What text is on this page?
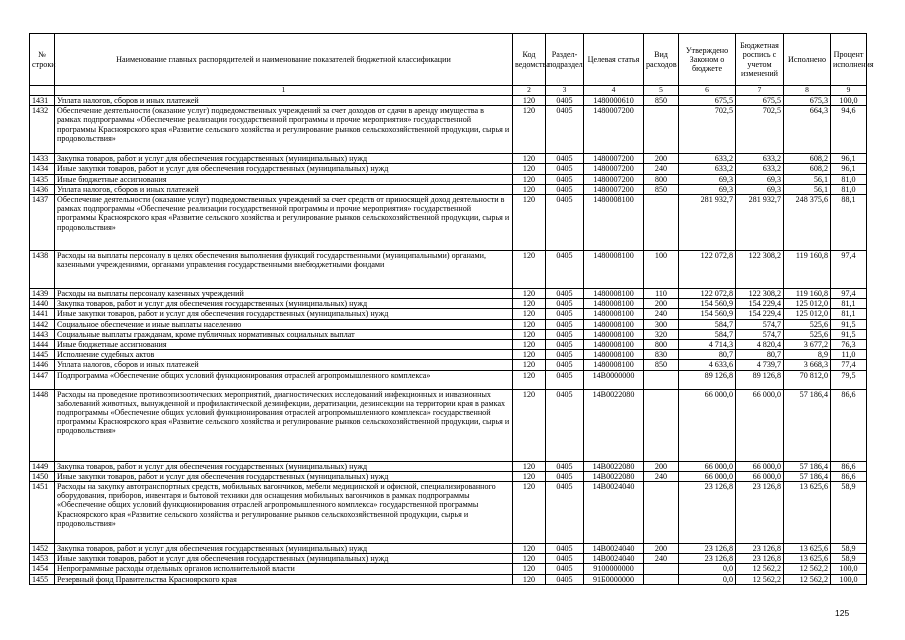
№ строки	Наименование главных распорядителей и наименование показателей бюджетной классификации	Код ведомства	Раздел-подраздел	Целевая статья	Вид расходов	Утверждено Законом о бюджете	Бюджетная роспись с учетом изменений	Исполнено	Процент исполнения
	1	2	3	4	5	6	7	8	9
1431	Уплата налогов, сборов и иных платежей	120	0405	1480000610	850	675,5	675,5	675,3	100,0
1432	Обеспечение деятельности (оказание услуг) подведомственных учреждений за счет доходов от сдачи в аренду имущества в рамках подпрограммы «Обеспечение реализации государственной программы и прочие мероприятия» государственной программы Красноярского края «Развитие сельского хозяйства и регулирование рынков сельскохозяйственной продукции, сырья и продовольствия»	120	0405	1480007200		702,5	702,5	664,3	94,6
1433	Закупка товаров, работ и услуг для обеспечения государственных (муниципальных) нужд	120	0405	1480007200	200	633,2	633,2	608,2	96,1
1434	Иные закупки товаров, работ и услуг для обеспечения государственных (муниципальных) нужд	120	0405	1480007200	240	633,2	633,2	608,2	96,1
1435	Иные бюджетные ассигнования	120	0405	1480007200	800	69,3	69,3	56,1	81,0
1436	Уплата налогов, сборов и иных платежей	120	0405	1480007200	850	69,3	69,3	56,1	81,0
1437	Обеспечение деятельности (оказание услуг) подведомственных учреждений за счет средств от приносящей доход деятельности в рамках подпрограммы «Обеспечение реализации государственной программы и прочие мероприятия» государственной программы Красноярского края «Развитие сельского хозяйства и регулирование рынков сельскохозяйственной продукции, сырья и продовольствия»	120	0405	1480008100		281 932,7	281 932,7	248 375,6	88,1
1438	Расходы на выплаты персоналу в целях обеспечения выполнения функций государственными (муниципальными) органами, казенными учреждениями, органами управления государственными внебюджетными фондами	120	0405	1480008100	100	122 072,8	122 308,2	119 160,8	97,4
1439	Расходы на выплаты персоналу казенных учреждений	120	0405	1480008100	110	122 072,8	122 308,2	119 160,8	97,4
1440	Закупка товаров, работ и услуг для обеспечения государственных (муниципальных) нужд	120	0405	1480008100	200	154 560,9	154 229,4	125 012,0	81,1
1441	Иные закупки товаров, работ и услуг для обеспечения государственных (муниципальных) нужд	120	0405	1480008100	240	154 560,9	154 229,4	125 012,0	81,1
1442	Социальное обеспечение и иные выплаты населению	120	0405	1480008100	300	584,7	574,7	525,6	91,5
1443	Социальные выплаты гражданам, кроме публичных нормативных социальных выплат	120	0405	1480008100	320	584,7	574,7	525,6	91,5
1444	Иные бюджетные ассигнования	120	0405	1480008100	800	4 714,3	4 820,4	3 677,2	76,3
1445	Исполнение судебных актов	120	0405	1480008100	830	80,7	80,7	8,9	11,0
1446	Уплата налогов, сборов и иных платежей	120	0405	1480008100	850	4 633,6	4 739,7	3 668,3	77,4
1447	Подпрограмма «Обеспечение общих условий функционирования отраслей агропромышленного комплекса»	120	0405	14В0000000		89 126,8	89 126,8	70 812,0	79,5
1448	Расходы на проведение противоэпизоотических мероприятий, диагностических исследований инфекционных и инвазионных заболеваний животных, вынужденной и профилактической дезинфекции, дератизации, дезинсекции на территории края в рамках подпрограммы «Обеспечение общих условий функционирования отраслей агропромышленного комплекса» государственной программы Красноярского края «Развитие сельского хозяйства и регулирование рынков сельскохозяйственной продукции, сырья и продовольствия»	120	0405	14В0022080		66 000,0	66 000,0	57 186,4	86,6
1449	Закупка товаров, работ и услуг для обеспечения государственных (муниципальных) нужд	120	0405	14В0022080	200	66 000,0	66 000,0	57 186,4	86,6
1450	Иные закупки товаров, работ и услуг для обеспечения государственных (муниципальных) нужд	120	0405	14В0022080	240	66 000,0	66 000,0	57 186,4	86,6
1451	Расходы на закупку автотранспортных средств, мобильных вагончиков, мебели медицинской и офисной, специализированного оборудования, приборов, инвентаря и бытовой техники для оснащения мобильных вагончиков в рамках подпрограммы «Обеспечение общих условий функционирования отраслей агропромышленного комплекса» государственной программы Красноярского края «Развитие сельского хозяйства и регулирование рынков сельскохозяйственной продукции, сырья и продовольствия»	120	0405	14В0024040		23 126,8	23 126,8	13 625,6	58,9
1452	Закупка товаров, работ и услуг для обеспечения государственных (муниципальных) нужд	120	0405	14В0024040	200	23 126,8	23 126,8	13 625,6	58,9
1453	Иные закупки товаров, работ и услуг для обеспечения государственных (муниципальных) нужд	120	0405	14В0024040	240	23 126,8	23 126,8	13 625,6	58,9
1454	Непрограммные расходы отдельных органов исполнительной власти	120	0405	9100000000		0,0	12 562,2	12 562,2	100,0
1455	Резервный фонд Правительства Красноярского края	120	0405	91Б0000000		0,0	12 562,2	12 562,2	100,0
125
